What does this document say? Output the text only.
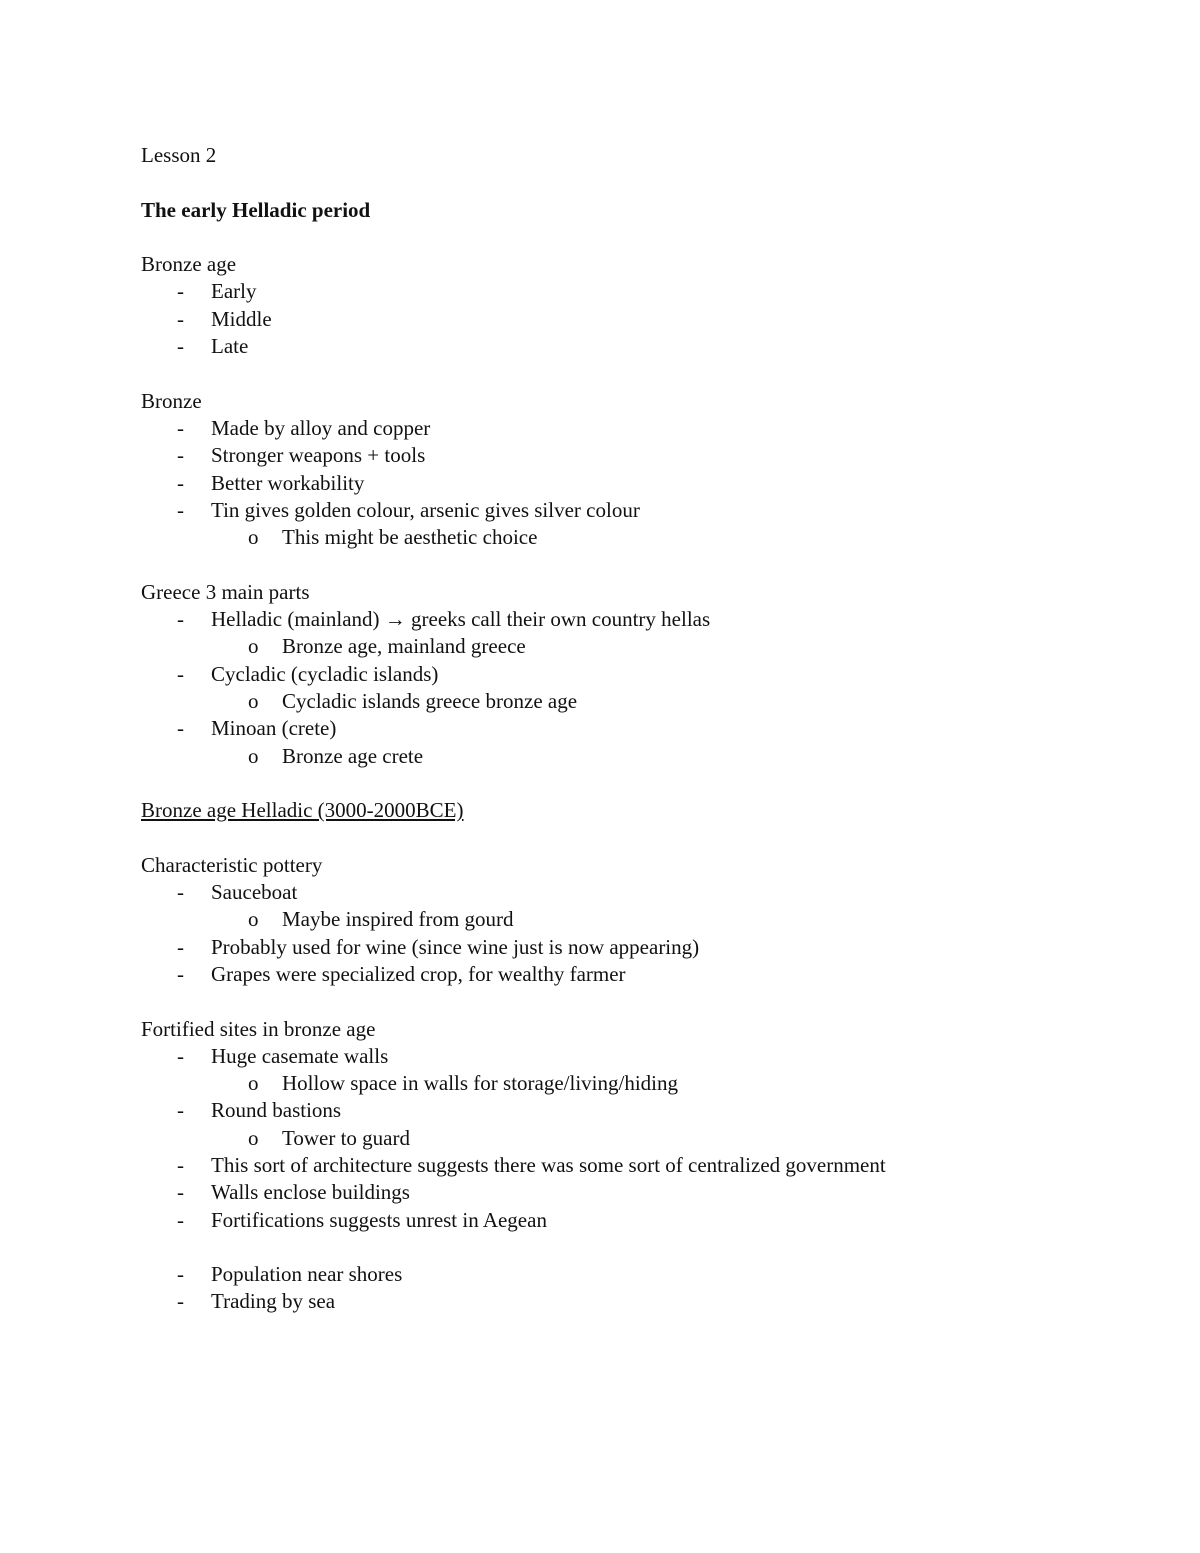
Lesson 2
The early Helladic period
Bronze age
- Early
- Middle
- Late
Bronze
- Made by alloy and copper
- Stronger weapons + tools
- Better workability
- Tin gives golden colour, arsenic gives silver colour
o This might be aesthetic choice
Greece 3 main parts
- Helladic (mainland) → greeks call their own country hellas
o Bronze age, mainland greece
- Cycladic (cycladic islands)
o Cycladic islands greece bronze age
- Minoan (crete)
o Bronze age crete
Bronze age Helladic (3000-2000BCE)
Characteristic pottery
- Sauceboat
o Maybe inspired from gourd
- Probably used for wine (since wine just is now appearing)
- Grapes were specialized crop, for wealthy farmer
Fortified sites in bronze age
- Huge casemate walls
o Hollow space in walls for storage/living/hiding
- Round bastions
o Tower to guard
- This sort of architecture suggests there was some sort of centralized government
- Walls enclose buildings
- Fortifications suggests unrest in Aegean
- Population near shores
- Trading by sea
